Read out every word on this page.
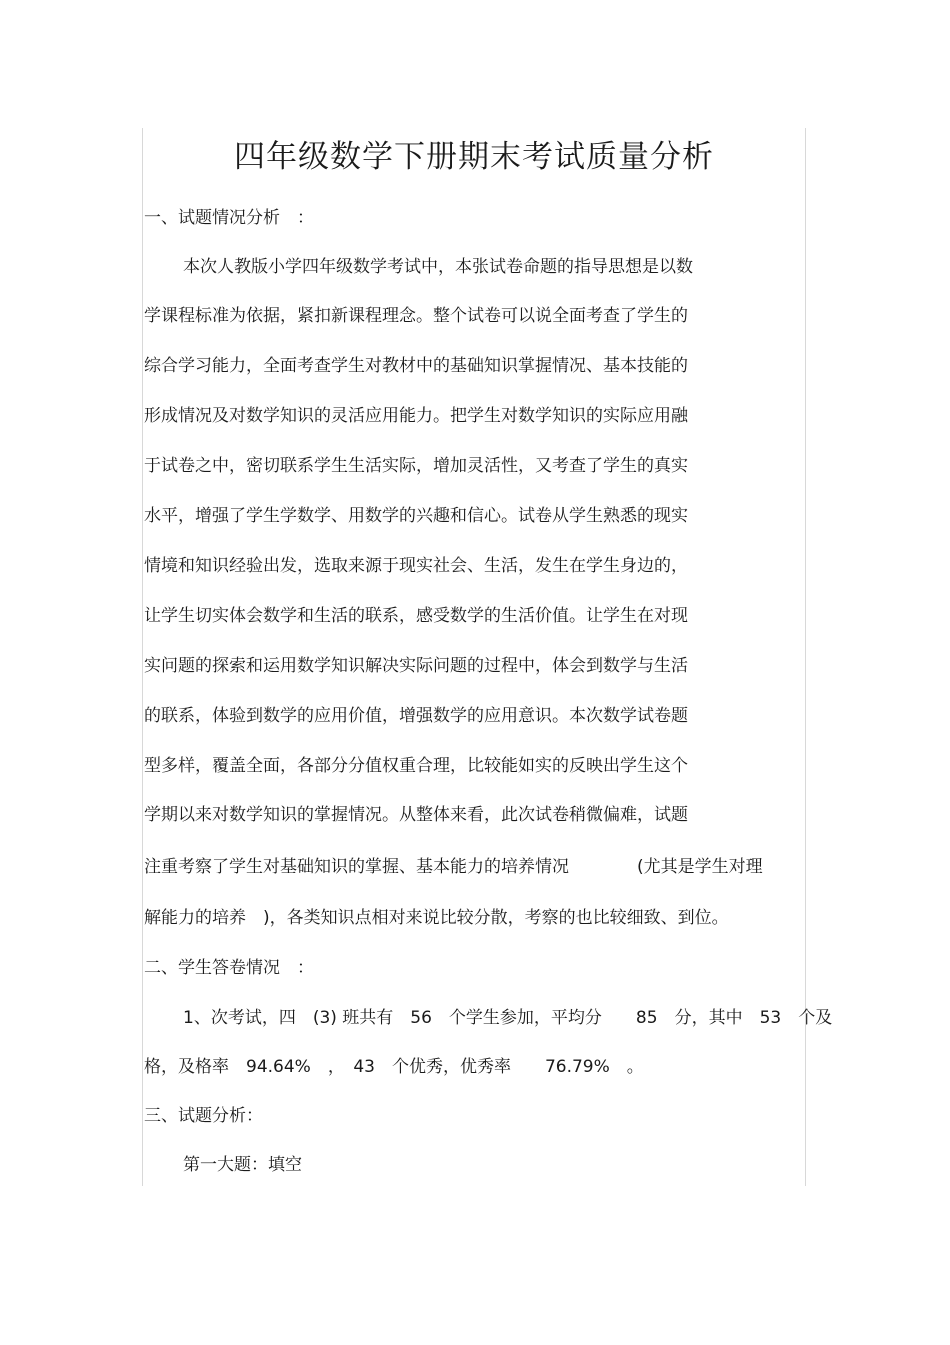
四年级数学下册期末考试质量分析
一、试题情况分析　：
本次人教版小学四年级数学考试中，本张试卷命题的指导思想是以数
学课程标准为依据，紧扣新课程理念。整个试卷可以说全面考查了学生的
综合学习能力，全面考查学生对教材中的基础知识掌握情况、基本技能的
形成情况及对数学知识的灵活应用能力。把学生对数学知识的实际应用融
于试卷之中，密切联系学生生活实际，增加灵活性，又考查了学生的真实
水平，增强了学生学数学、用数学的兴趣和信心。试卷从学生熟悉的现实
情境和知识经验出发，选取来源于现实社会、生活，发生在学生身边的，
让学生切实体会数学和生活的联系，感受数学的生活价值。让学生在对现
实问题的探索和运用数学知识解决实际问题的过程中，体会到数学与生活
的联系，体验到数学的应用价值，增强数学的应用意识。本次数学试卷题
型多样，覆盖全面，各部分分值权重合理，比较能如实的反映出学生这个
学期以来对数学知识的掌握情况。从整体来看，此次试卷稍微偏难，试题
注重考察了学生对基础知识的掌握、基本能力的培养情况	(尤其是学生对理
解能力的培养　)，各类知识点相对来说比较分散，考察的也比较细致、到位。
二、学生答卷情况　：
1、次考试，四　(3) 班共有　56　个学生参加，平均分　　85　分，其中　53　个及
格，及格率　94.64%　，　43　个优秀，优秀率　　76.79%　。
三、试题分析：
第一大题：填空
